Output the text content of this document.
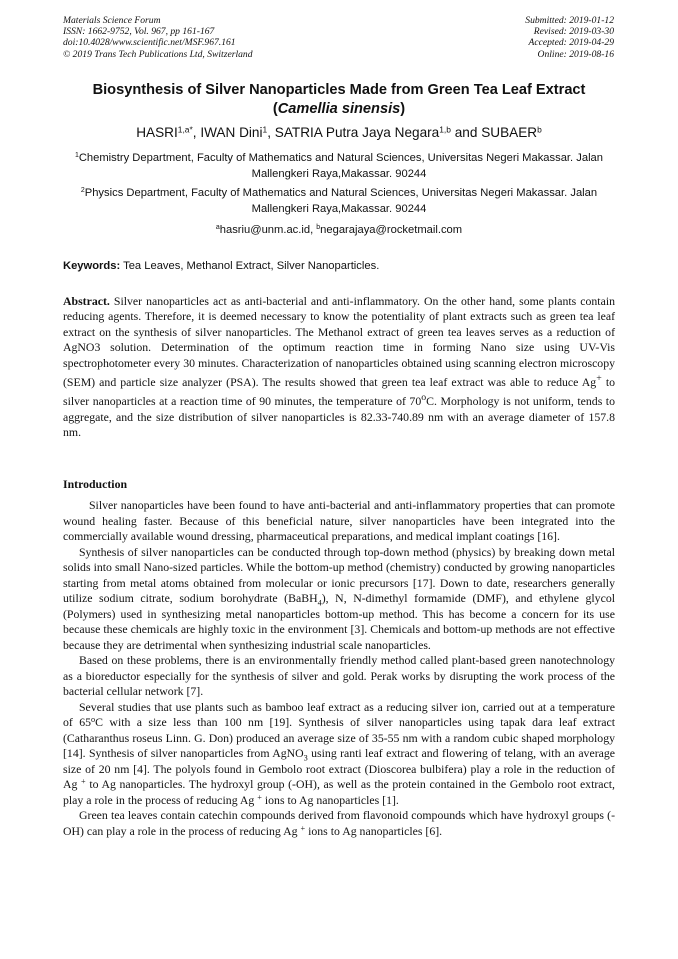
Materials Science Forum
ISSN: 1662-9752, Vol. 967, pp 161-167
doi:10.4028/www.scientific.net/MSF.967.161
© 2019 Trans Tech Publications Ltd, Switzerland
Submitted: 2019-01-12
Revised: 2019-03-30
Accepted: 2019-04-29
Online: 2019-08-16
Biosynthesis of Silver Nanoparticles Made from Green Tea Leaf Extract
(Camellia sinensis)
$HASRI^{1,a*}$, IWAN Dini$^1$, SATRIA Putra Jaya Negara$^{1,b}$ and SUBAER$^b$
$^1$Chemistry Department, Faculty of Mathematics and Natural Sciences, Universitas Negeri Makassar. Jalan Mallengkeri Raya,Makassar. 90244
$^2$Physics Department, Faculty of Mathematics and Natural Sciences, Universitas Negeri Makassar. Jalan Mallengkeri Raya,Makassar. 90244
$^a$hasriu@unm.ac.id, $^b$negarajaya@rocketmail.com
Keywords: Tea Leaves, Methanol Extract, Silver Nanoparticles.

Abstract. Silver nanoparticles act as anti-bacterial and anti-inflammatory. On the other hand, some plants contain reducing agents. Therefore, it is deemed necessary to know the potentiality of plant extracts such as green tea leaf extract on the synthesis of silver nanoparticles. The Methanol extract of green tea leaves serves as a reduction of AgNO3 solution. Determination of the optimum reaction time in forming Nano size using UV-Vis spectrophotometer every 30 minutes. Characterization of nanoparticles obtained using scanning electron microscopy (SEM) and particle size analyzer (PSA). The results showed that green tea leaf extract was able to reduce Ag+ to silver nanoparticles at a reaction time of 90 minutes, the temperature of 70$^o$C. Morphology is not uniform, tends to aggregate, and the size distribution of silver nanoparticles is 82.33-740.89 nm with an average diameter of 157.8 nm.

Introduction

Silver nanoparticles have been found to have anti-bacterial and anti-inflammatory properties that can promote wound healing faster. Because of this beneficial nature, silver nanoparticles have been integrated into the commercially available wound dressing, pharmaceutical preparations, and medical implant coatings [16].

Synthesis of silver nanoparticles can be conducted through top-down method (physics) by breaking down metal solids into small Nano-sized particles. While the bottom-up method (chemistry) conducted by growing nanoparticles starting from metal atoms obtained from molecular or ionic precursors [17]. Down to date, researchers generally utilize sodium citrate, sodium borohydrate (BaBH$_4$), N, N-dimethyl formamide (DMF), and ethylene glycol (Polymers) used in synthesizing metal nanoparticles bottom-up method. This has become a concern for its use because these chemicals are highly toxic in the environment [3]. Chemicals and bottom-up methods are not effective because they are detrimental when synthesizing industrial scale nanoparticles.

Based on these problems, there is an environmentally friendly method called plant-based green nanotechnology as a bioreductor especially for the synthesis of silver and gold. Perak works by disrupting the work process of the bacterial cellular network [7].

Several studies that use plants such as bamboo leaf extract as a reducing silver ion, carried out at a temperature of 65$^o$C with a size less than 100 nm [19]. Synthesis of silver nanoparticles using tapak dara leaf extract (Catharanthus roseus Linn. G. Don) produced an average size of 35-55 nm with a random cubic shaped morphology [14]. Synthesis of silver nanoparticles from AgNO$_3$ using ranti leaf extract and flowering of telang, with an average size of 20 nm [4]. The polyols found in Gembolo root extract (Dioscorea bulbifera) play a role in the reduction of Ag + to Ag nanoparticles. The hydroxyl group (-OH), as well as the protein contained in the Gembolo root extract, play a role in the process of reducing Ag + ions to Ag nanoparticles [1].

Green tea leaves contain catechin compounds derived from flavonoid compounds which have hydroxyl groups (-OH) can play a role in the process of reducing Ag + ions to Ag nanoparticles [6].
